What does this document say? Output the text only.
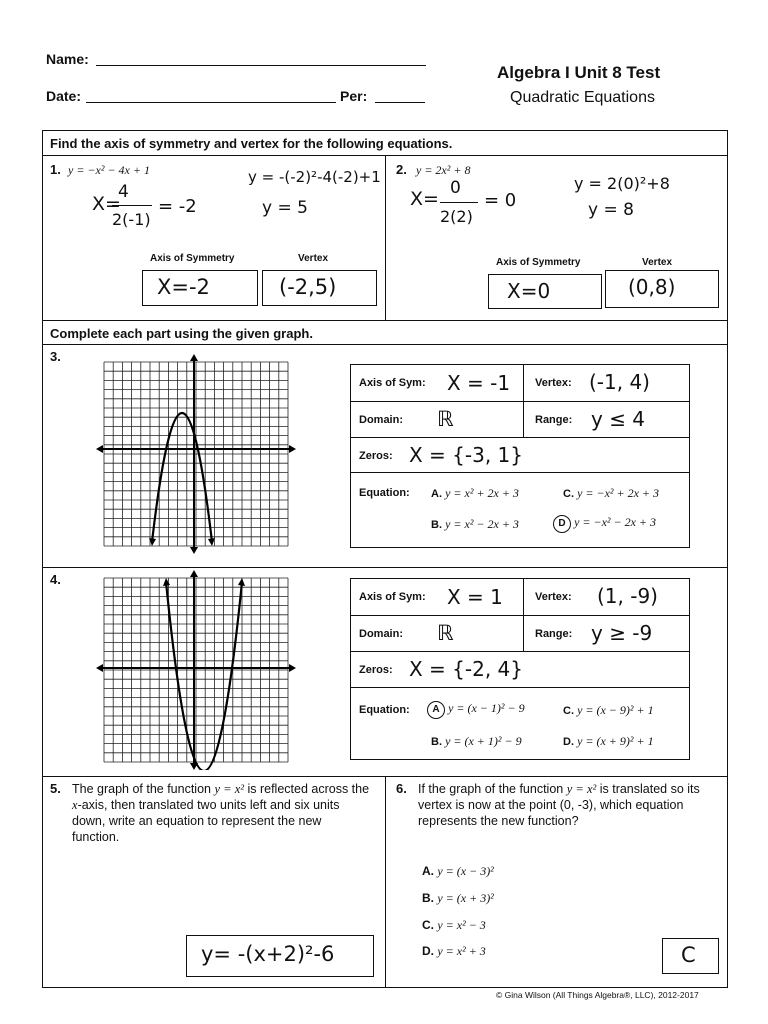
Name:
Date:	Per:
Algebra I Unit 8 Test
Quadratic Equations
Find the axis of symmetry and vertex for the following equations.
1. y = −x² − 4x + 1
X=
4
2(-1)
= -2
y = -(-2)²-4(-2)+1
y = 5
Axis of Symmetry	Vertex
X=-2	(-2,5)
2. y = 2x² + 8
X= 0
2(2)
= 0
y = 2(0)²+8
y = 8
Axis of Symmetry	Vertex
X=0	(0,8)
Complete each part using the given graph.
3.
Axis of Sym: X = -1 Vertex: (-1, 4)
Domain: ℝ	Range: y ≤ 4
Zeros: X = {-3, 1}
Equation: A. y = x² + 2x + 3	C. y = −x² + 2x + 3
B. y = x² − 2x + 3	D y = −x² − 2x + 3
4.
Axis of Sym: X = 1	Vertex: (1, -9)
Domain: ℝ	Range: y ≥ -9
Zeros: X = {-2, 4}
Equation:	A y = (x − 1)² − 9	C. y = (x − 9)² + 1
B. y = (x + 1)² − 9	D. y = (x + 9)² + 1
5. The graph of the function y = x² is reflected across the x-axis, then translated two units left and six units down, write an equation to represent the new function.
y= -(x+2)²-6
6. If the graph of the function y = x² is translated so its vertex is now at the point (0, -3), which equation represents the new function?
A. y = (x − 3)²
B. y = (x + 3)²
C. y = x² − 3
D. y = x² + 3	C
© Gina Wilson (All Things Algebra®, LLC), 2012-2017
